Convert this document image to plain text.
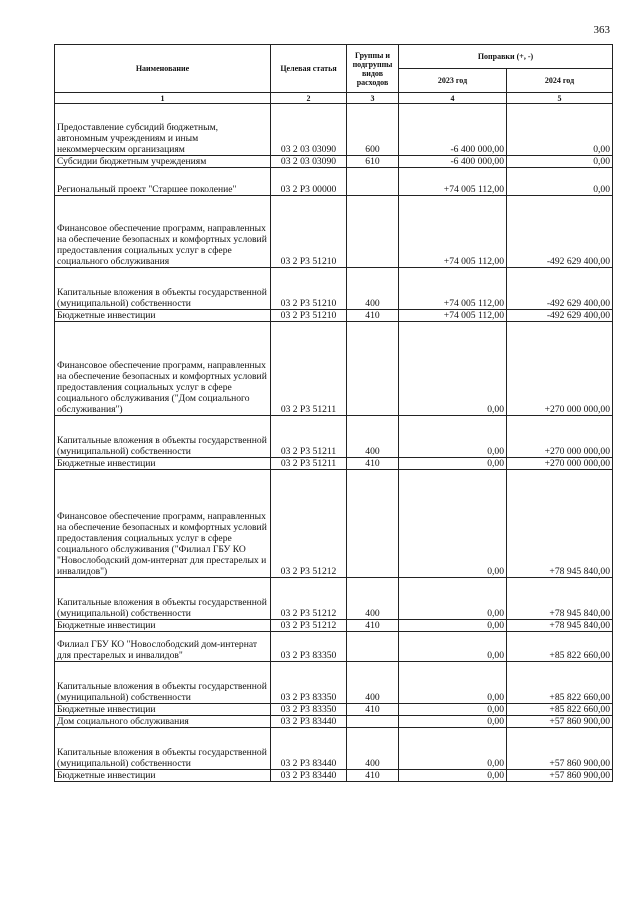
363
Наименование	Целевая статья	Группы и подгруппы видов расходов	Поправки (+, -)	
			2023 год	2024 год
1	2	3	4	5
Предоставление субсидий бюджетным, автономным учреждениям и иным некоммерческим организациям	03 2 03 03090	600	-6 400 000,00	0,00
Субсидии бюджетным учреждениям	03 2 03 03090	610	-6 400 000,00	0,00
Региональный проект "Старшее поколение"	03 2 Р3 00000		+74 005 112,00	0,00
Финансовое обеспечение программ, направленных на обеспечение безопасных и комфортных условий предоставления социальных услуг в сфере социального обслуживания	03 2 Р3 51210		+74 005 112,00	-492 629 400,00
Капитальные вложения в объекты государственной (муниципальной) собственности	03 2 Р3 51210	400	+74 005 112,00	-492 629 400,00
Бюджетные инвестиции	03 2 Р3 51210	410	+74 005 112,00	-492 629 400,00
Финансовое обеспечение программ, направленных на обеспечение безопасных и комфортных условий предоставления социальных услуг в сфере социального обслуживания ("Дом социального обслуживания")	03 2 Р3 51211		0,00	+270 000 000,00
Капитальные вложения в объекты государственной (муниципальной) собственности	03 2 Р3 51211	400	0,00	+270 000 000,00
Бюджетные инвестиции	03 2 Р3 51211	410	0,00	+270 000 000,00
Финансовое обеспечение программ, направленных на обеспечение безопасных и комфортных условий предоставления социальных услуг в сфере социального обслуживания ("Филиал ГБУ КО "Новослободский дом-интернат для престарелых и инвалидов")	03 2 Р3 51212		0,00	+78 945 840,00
Капитальные вложения в объекты государственной (муниципальной) собственности	03 2 Р3 51212	400	0,00	+78 945 840,00
Бюджетные инвестиции	03 2 Р3 51212	410	0,00	+78 945 840,00
Филиал ГБУ КО "Новослободский дом-интернат для престарелых и инвалидов"	03 2 Р3 83350		0,00	+85 822 660,00
Капитальные вложения в объекты государственной (муниципальной) собственности	03 2 Р3 83350	400	0,00	+85 822 660,00
Бюджетные инвестиции	03 2 Р3 83350	410	0,00	+85 822 660,00
Дом социального обслуживания	03 2 Р3 83440		0,00	+57 860 900,00
Капитальные вложения в объекты государственной (муниципальной) собственности	03 2 Р3 83440	400	0,00	+57 860 900,00
Бюджетные инвестиции	03 2 Р3 83440	410	0,00	+57 860 900,00
